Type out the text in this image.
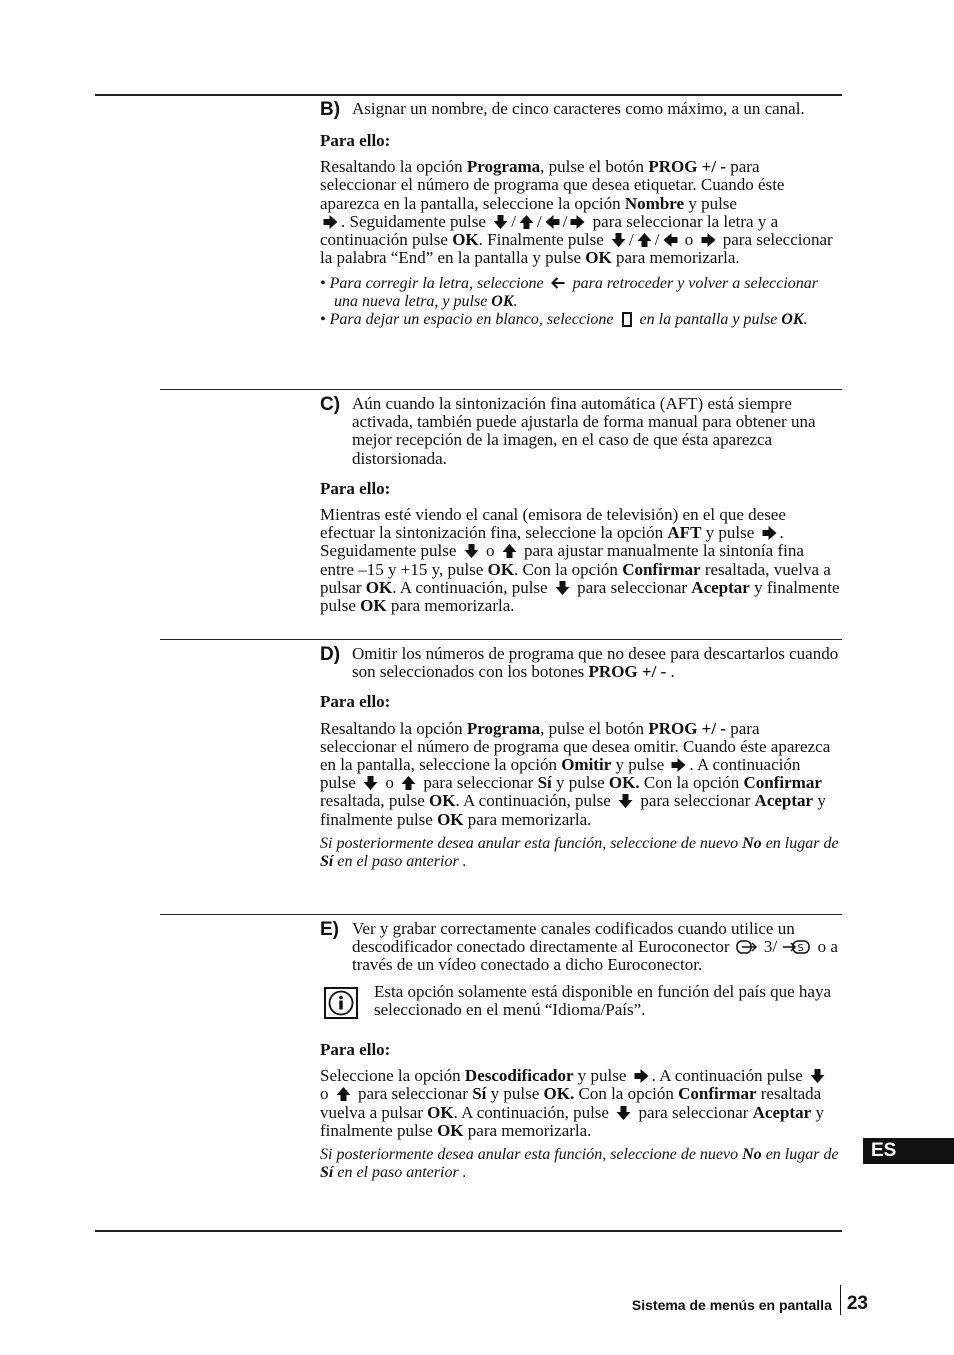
B) Asignar un nombre, de cinco caracteres como máximo, a un canal.
Para ello:
Resaltando la opción Programa, pulse el botón PROG +/ - para seleccionar el número de programa que desea etiquetar. Cuando éste aparezca en la pantalla, seleccione la opción Nombre y pulse
. Seguidamente pulse / / / para seleccionar la letra y a continuación pulse OK. Finalmente pulse / / o  para seleccionar la palabra “End” en la pantalla y pulse OK para memorizarla.
• Para corregir la letra, seleccione  para retroceder y volver a seleccionar una nueva letra, y pulse OK.
• Para dejar un espacio en blanco, seleccione  en la pantalla y pulse OK.
C) Aún cuando la sintonización fina automática (AFT) está siempre activada, también puede ajustarla de forma manual para obtener una mejor recepción de la imagen, en el caso de que ésta aparezca distorsionada.
Para ello:
Mientras esté viendo el canal (emisora de televisión) en el que desee efectuar la sintonización fina, seleccione la opción AFT y pulse . Seguidamente pulse  o  para ajustar manualmente la sintonía fina entre –15 y +15 y, pulse OK. Con la opción Confirmar resaltada, vuelva a pulsar OK. A continuación, pulse  para seleccionar Aceptar y finalmente pulse OK para memorizarla.
D) Omitir los números de programa que no desee para descartarlos cuando son seleccionados con los botones PROG +/ - .
Para ello:
Resaltando la opción Programa, pulse el botón PROG +/ - para seleccionar el número de programa que desea omitir. Cuando éste aparezca en la pantalla, seleccione la opción Omitir y pulse . A continuación pulse  o  para seleccionar Sí y pulse OK. Con la opción Confirmar resaltada, pulse OK. A continuación, pulse  para seleccionar Aceptar y finalmente pulse OK para memorizarla.
Si posteriormente desea anular esta función, seleccione de nuevo No en lugar de Sí en el paso anterior .
E) Ver y grabar correctamente canales codificados cuando utilice un descodificador conectado directamente al Euroconector 3/ S o a través de un vídeo conectado a dicho Euroconector.
Esta opción solamente está disponible en función del país que haya seleccionado en el menú “Idioma/País”.
Para ello:
Seleccione la opción Descodificador y pulse . A continuación pulse  o  para seleccionar Sí y pulse OK. Con la opción Confirmar resaltada vuelva a pulsar OK. A continuación, pulse  para seleccionar Aceptar y finalmente pulse OK para memorizarla.
Si posteriormente desea anular esta función, seleccione de nuevo No en lugar de Sí en el paso anterior .
ES
Sistema de menús en pantalla 23
